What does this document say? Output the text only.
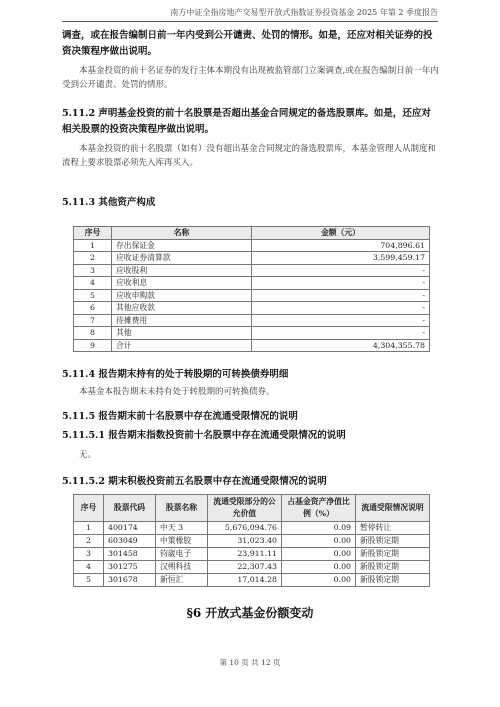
南方中证全指房地产交易型开放式指数证券投资基金 2025 年第 2 季度报告
调查，或在报告编制日前一年内受到公开谴责、处罚的情形。如是，还应对相关证券的投资决策程序做出说明。
本基金投资的前十名证券的发行主体本期没有出现被监管部门立案调查,或在报告编制日前一年内受到公开谴责、处罚的情形。
5.11.2 声明基金投资的前十名股票是否超出基金合同规定的备选股票库。如是，还应对相关股票的投资决策程序做出说明。
本基金投资的前十名股票（如有）没有超出基金合同规定的备选股票库，本基金管理人从制度和流程上要求股票必须先入库再买入。
5.11.3 其他资产构成
序号	名称	金额（元）
1	存出保证金	704,896.61
2	应收证券清算款	3,599,459.17
3	应收股利	-
4	应收利息	-
5	应收申购款	-
6	其他应收款	-
7	待摊费用	-
8	其他	-
9	合计	4,304,355.78
5.11.4 报告期末持有的处于转股期的可转换债券明细
本基金本报告期末未持有处于转股期的可转换债券。
5.11.5 报告期末前十名股票中存在流通受限情况的说明
5.11.5.1 报告期末指数投资前十名股票中存在流通受限情况的说明
无。
5.11.5.2 期末积极投资前五名股票中存在流通受限情况的说明
序号	股票代码	股票名称	流通受限部分的公允价值	占基金资产净值比例（%）	流通受限情况说明
1	400174	中天 3	5,676,094.76	0.09	暂停转让
2	603049	中策橡胶	31,023.40	0.00	新股锁定期
3	301458	钧崴电子	23,911.11	0.00	新股锁定期
4	301275	汉朔科技	22,307.43	0.00	新股锁定期
5	301678	新恒汇	17,014.28	0.00	新股锁定期
§6 开放式基金份额变动
第 10 页 共 12 页
